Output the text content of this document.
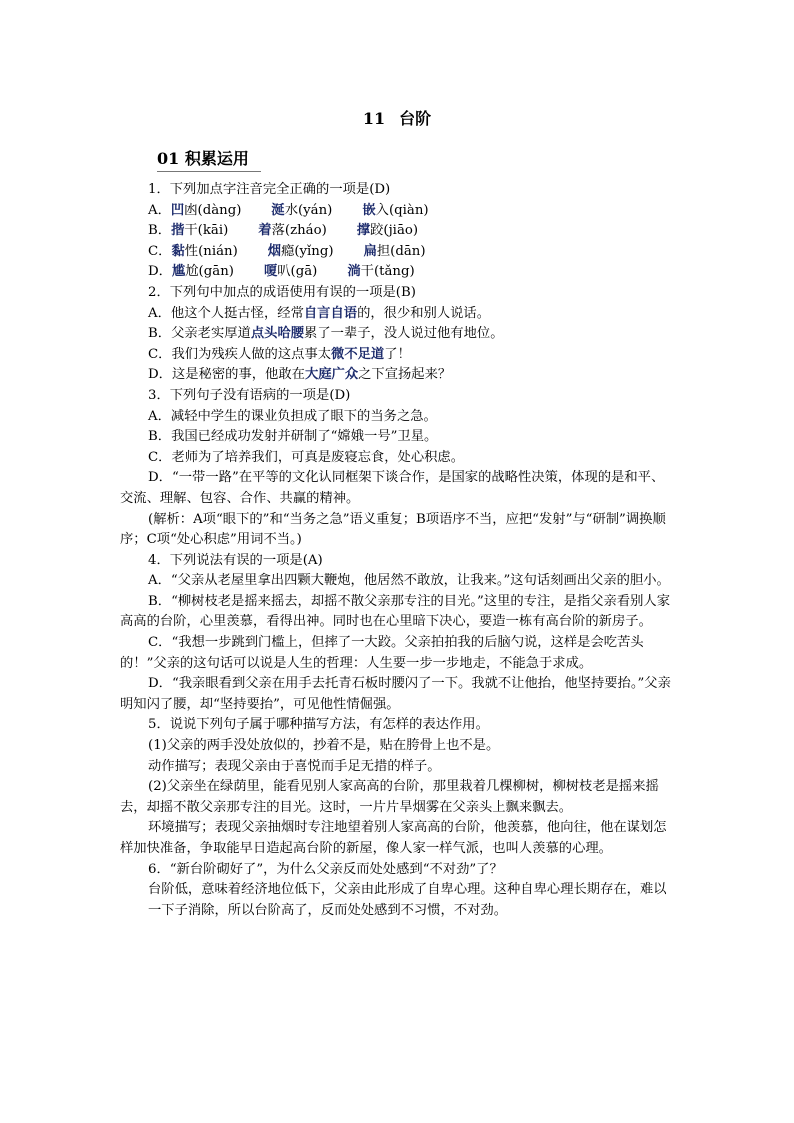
11 台阶
01 积累运用

1．下列加点字注音完全正确的一项是(D)

A．凹凼(dàng) 涎水(yán) 嵌入(qiàn)

B．揩干(kāi) 着落(zháo) 撑跤(jiāo)

C．黏性(nián) 烟瘾(yǐng) 扁担(dān)

D．尴尬(gān) 嗄叭(gā) 淌干(tǎng)

2．下列句中加点的成语使用有误的一项是(B)

A．他这个人挺古怪，经常自言自语的，很少和别人说话。

B．父亲老实厚道点头哈腰累了一辈子，没人说过他有地位。

C．我们为残疾人做的这点事太微不足道了！

D．这是秘密的事，他敢在大庭广众之下宣扬起来？

3．下列句子没有语病的一项是(D)

A．减轻中学生的课业负担成了眼下的当务之急。

B．我国已经成功发射并研制了“嫦娥一号”卫星。

C．老师为了培养我们，可真是废寝忘食，处心积虑。

D．“一带一路”在平等的文化认同框架下谈合作，是国家的战略性决策，体现的是和平、交流、理解、包容、合作、共赢的精神。

(解析：A项“眼下的”和“当务之急”语义重复；B项语序不当，应把“发射”与“研制”调换顺序；C项“处心积虑”用词不当。)

4．下列说法有误的一项是(A)

A．“父亲从老屋里拿出四颗大鞭炮，他居然不敢放，让我来。”这句话刻画出父亲的胆小。

B．“柳树枝老是摇来摇去，却摇不散父亲那专注的目光。”这里的专注，是指父亲看别人家高高的台阶，心里羡慕，看得出神。同时也在心里暗下决心，要造一栋有高台阶的新房子。

C．“我想一步跳到门槛上，但摔了一大跤。父亲拍拍我的后脑勺说，这样是会吃苦头的！”父亲的这句话可以说是人生的哲理：人生要一步一步地走，不能急于求成。

D．“我亲眼看到父亲在用手去托青石板时腰闪了一下。我就不让他抬，他坚持要抬。”父亲明知闪了腰，却“坚持要抬”，可见他性情倔强。

5．说说下列句子属于哪种描写方法，有怎样的表达作用。

(1)父亲的两手没处放似的，抄着不是，贴在胯骨上也不是。

动作描写；表现父亲由于喜悦而手足无措的样子。

(2)父亲坐在绿荫里，能看见别人家高高的台阶，那里栽着几棵柳树，柳树枝老是摇来摇去，却摇不散父亲那专注的目光。这时，一片片旱烟雾在父亲头上飘来飘去。

环境描写；表现父亲抽烟时专注地望着别人家高高的台阶，他羡慕，他向往，他在谋划怎样加快准备，争取能早日造起高台阶的新屋，像人家一样气派，也叫人羡慕的心理。

6．“新台阶砌好了”，为什么父亲反而处处感到“不对劲”了？

台阶低，意味着经济地位低下，父亲由此形成了自卑心理。这种自卑心理长期存在，难以一下子消除，所以台阶高了，反而处处感到不习惯，不对劲。
